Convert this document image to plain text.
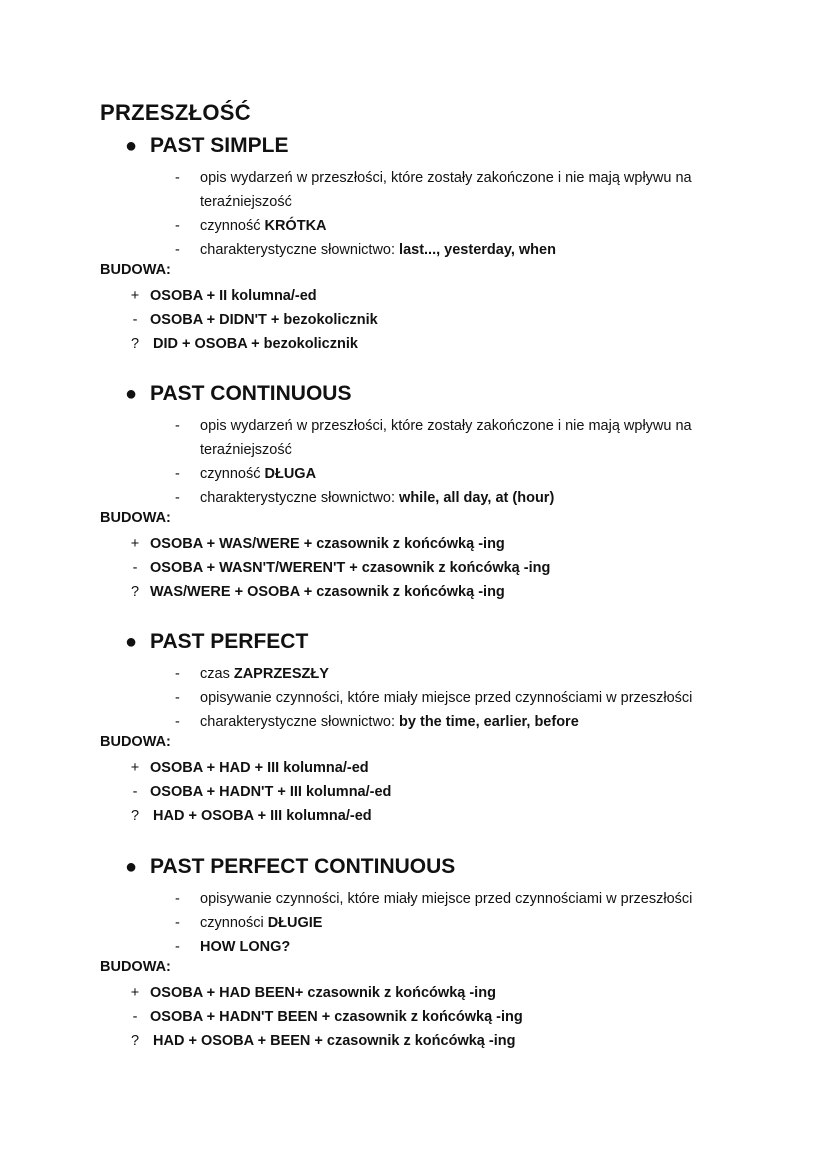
PRZESZŁOŚĆ
● PAST SIMPLE
- opis wydarzeń w przeszłości, które zostały zakończone i nie mają wpływu na teraźniejszość
- czynność KRÓTKA
- charakterystyczne słownictwo: last..., yesterday, when
BUDOWA:
+ OSOBA + II kolumna/-ed
- OSOBA + DIDN'T + bezokolicznik
? DID + OSOBA + bezokolicznik
● PAST CONTINUOUS
- opis wydarzeń w przeszłości, które zostały zakończone i nie mają wpływu na teraźniejszość
- czynność DŁUGA
- charakterystyczne słownictwo: while, all day, at (hour)
BUDOWA:
+ OSOBA + WAS/WERE + czasownik z końcówką -ing
- OSOBA + WASN'T/WEREN'T + czasownik z końcówką -ing
? WAS/WERE + OSOBA + czasownik z końcówką -ing
● PAST PERFECT
- czas ZAPRZESZŁY
- opisywanie czynności, które miały miejsce przed czynnościami w przeszłości
- charakterystyczne słownictwo: by the time, earlier, before
BUDOWA:
+ OSOBA + HAD + III kolumna/-ed
- OSOBA + HADN'T + III kolumna/-ed
? HAD + OSOBA + III kolumna/-ed
● PAST PERFECT CONTINUOUS
- opisywanie czynności, które miały miejsce przed czynnościami w przeszłości
- czynności DŁUGIE
- HOW LONG?
BUDOWA:
+ OSOBA + HAD BEEN+ czasownik z końcówką -ing
- OSOBA + HADN'T BEEN + czasownik z końcówką -ing
? HAD + OSOBA + BEEN + czasownik z końcówką -ing
